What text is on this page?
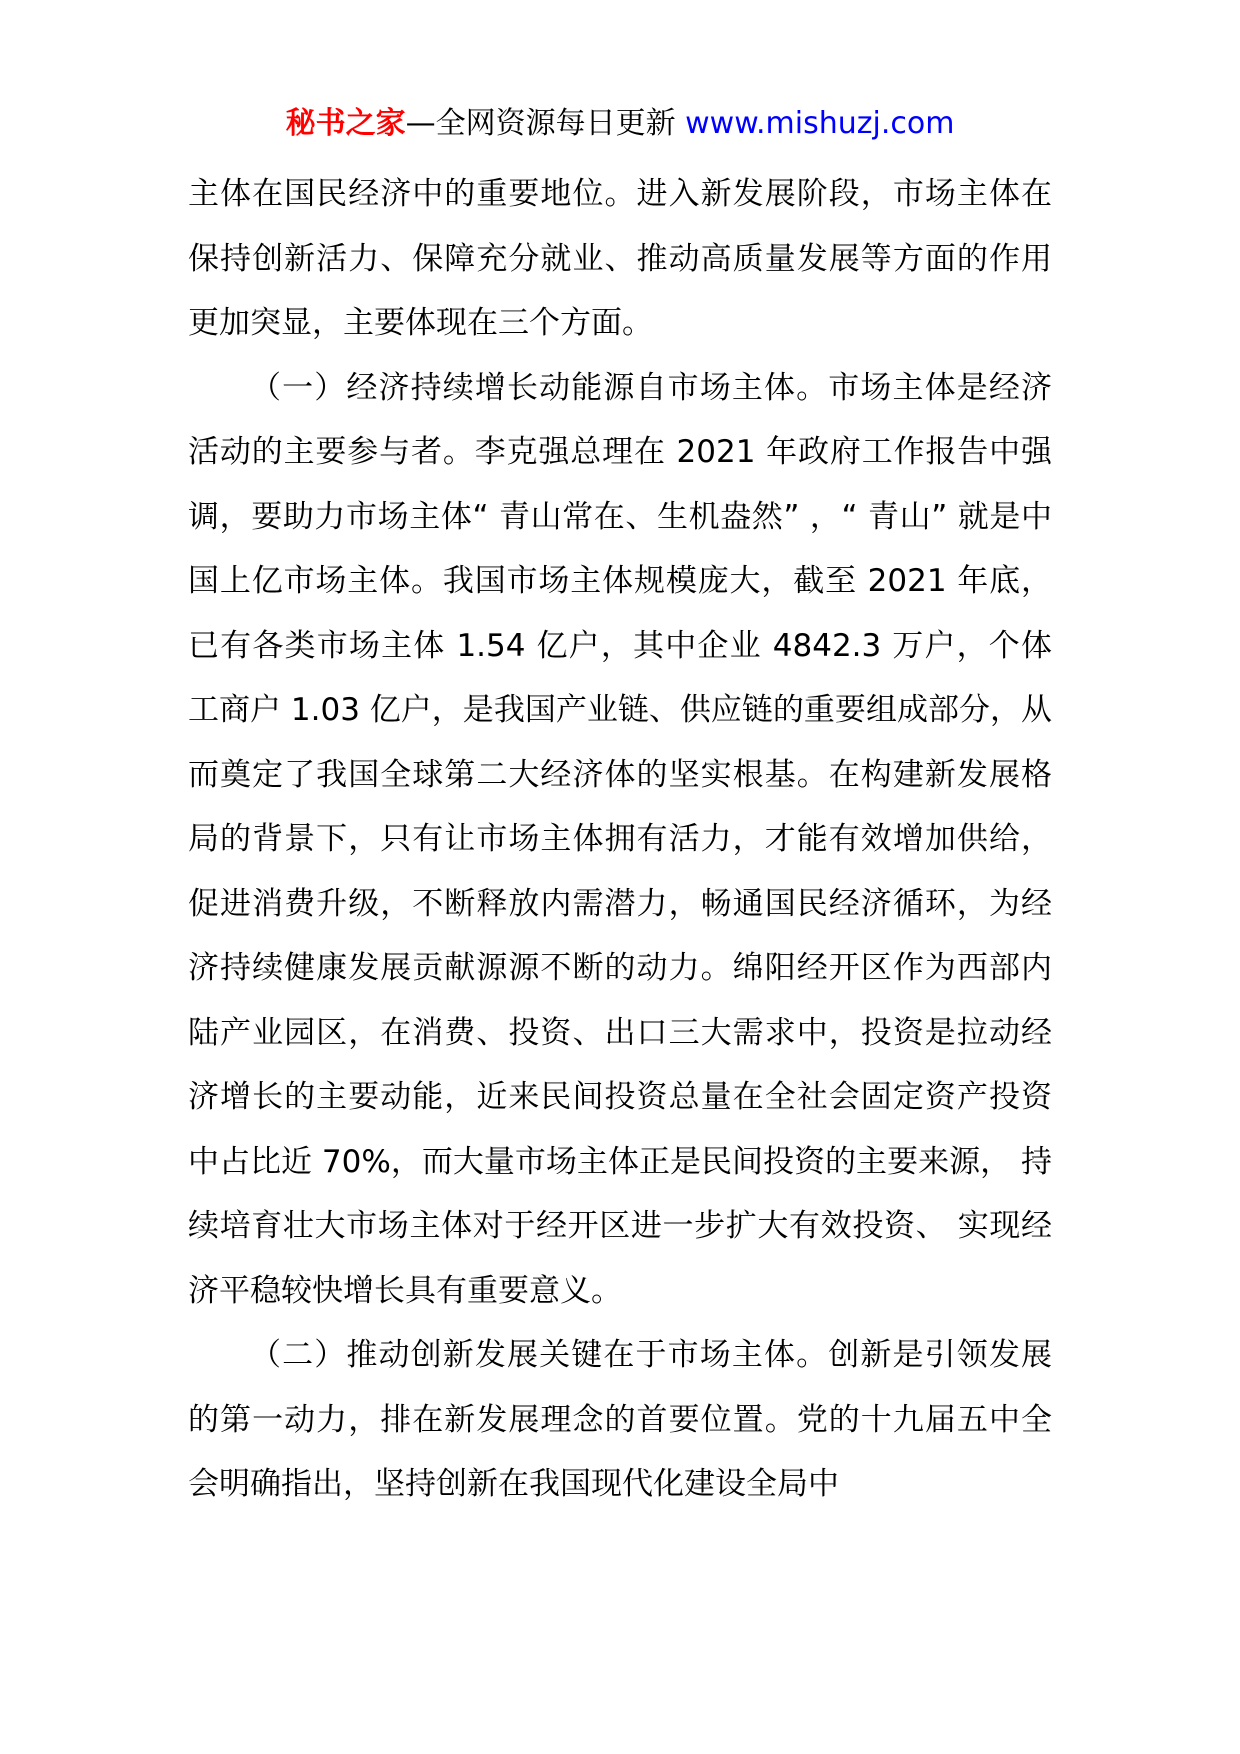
秘书之家—全网资源每日更新 www.mishuzj.com

主体在国民经济中的重要地位。进入新发展阶段，市场主体在保持创新活力、保障充分就业、推动高质量发展等方面的作用更加突显，主要体现在三个方面。

（一）经济持续增长动能源自市场主体。市场主体是经济活动的主要参与者。李克强总理在 2021 年政府工作报告中强调，要助力市场主体“ 青山常在、生机盎然” ，“ 青山” 就是中国上亿市场主体。我国市场主体规模庞大，截至 2021 年底，已有各类市场主体 1.54 亿户，其中企业 4842.3 万户，个体工商户 1.03 亿户，是我国产业链、供应链的重要组成部分，从而奠定了我国全球第二大经济体的坚实根基。在构建新发展格局的背景下，只有让市场主体拥有活力，才能有效增加供给，促进消费升级，不断释放内需潜力，畅通国民经济循环，为经济持续健康发展贡献源源不断的动力。绵阳经开区作为西部内陆产业园区，在消费、投资、出口三大需求中，投资是拉动经济增长的主要动能，近来民间投资总量在全社会固定资产投资中占比近 70%，而大量市场主体正是民间投资的主要来源， 持续培育壮大市场主体对于经开区进一步扩大有效投资、 实现经济平稳较快增长具有重要意义。

（二）推动创新发展关键在于市场主体。创新是引领发展的第一动力，排在新发展理念的首要位置。党的十九届五中全会明确指出，坚持创新在我国现代化建设全局中
